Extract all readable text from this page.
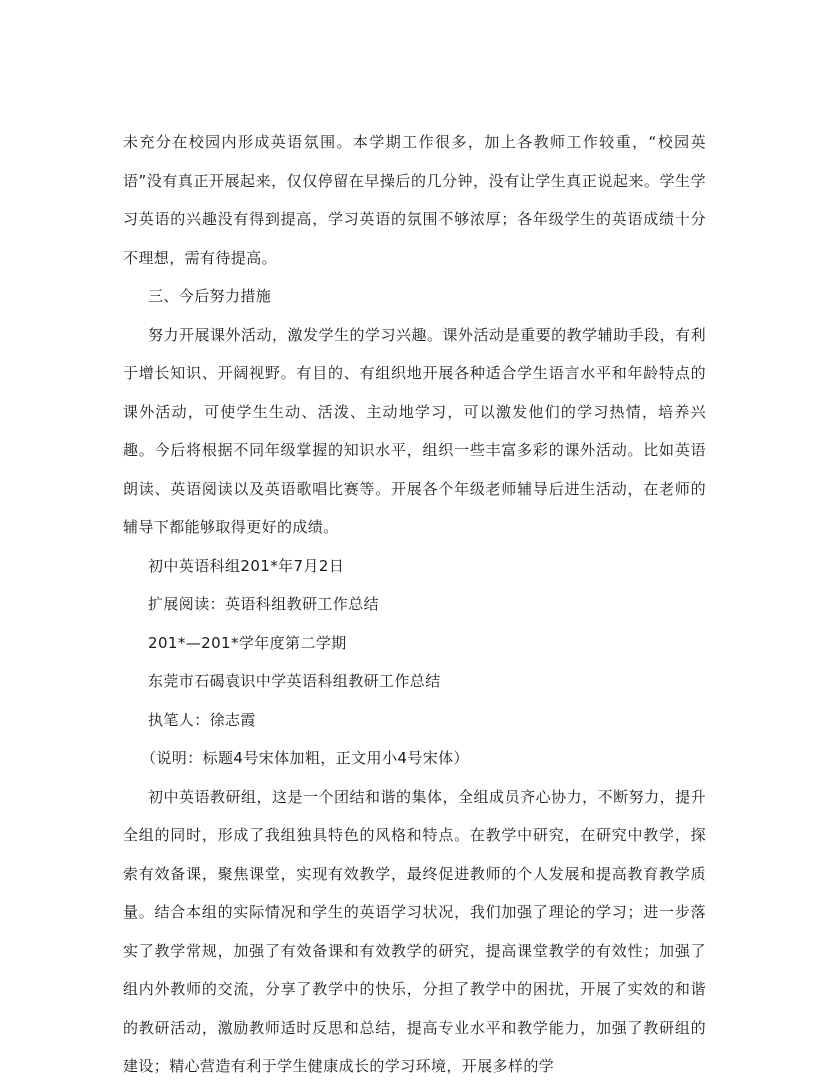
未充分在校园内形成英语氛围。本学期工作很多，加上各教师工作较重，“校园英语”没有真正开展起来，仅仅停留在早操后的几分钟，没有让学生真正说起来。学生学习英语的兴趣没有得到提高，学习英语的氛围不够浓厚；各年级学生的英语成绩十分不理想，需有待提高。

三、今后努力措施

努力开展课外活动，激发学生的学习兴趣。课外活动是重要的教学辅助手段，有利于增长知识、开阔视野。有目的、有组织地开展各种适合学生语言水平和年龄特点的课外活动，可使学生生动、活泼、主动地学习，可以激发他们的学习热情，培养兴趣。今后将根据不同年级掌握的知识水平，组织一些丰富多彩的课外活动。比如英语朗读、英语阅读以及英语歌唱比赛等。开展各个年级老师辅导后进生活动，在老师的辅导下都能够取得更好的成绩。

初中英语科组201*年7月2日

扩展阅读：英语科组教研工作总结

201*—201*学年度第二学期

东莞市石碣袁识中学英语科组教研工作总结

执笔人：徐志霞

（说明：标题4号宋体加粗，正文用小4号宋体）

初中英语教研组，这是一个团结和谐的集体，全组成员齐心协力，不断努力，提升全组的同时，形成了我组独具特色的风格和特点。在教学中研究，在研究中教学，探索有效备课，聚焦课堂，实现有效教学，最终促进教师的个人发展和提高教育教学质量。结合本组的实际情况和学生的英语学习状况，我们加强了理论的学习；进一步落实了教学常规，加强了有效备课和有效教学的研究，提高课堂教学的有效性；加强了组内外教师的交流，分享了教学中的快乐，分担了教学中的困扰，开展了实效的和谐的教研活动，激励教师适时反思和总结，提高专业水平和教学能力，加强了教研组的建设；精心营造有利于学生健康成长的学习环境，开展多样的学
